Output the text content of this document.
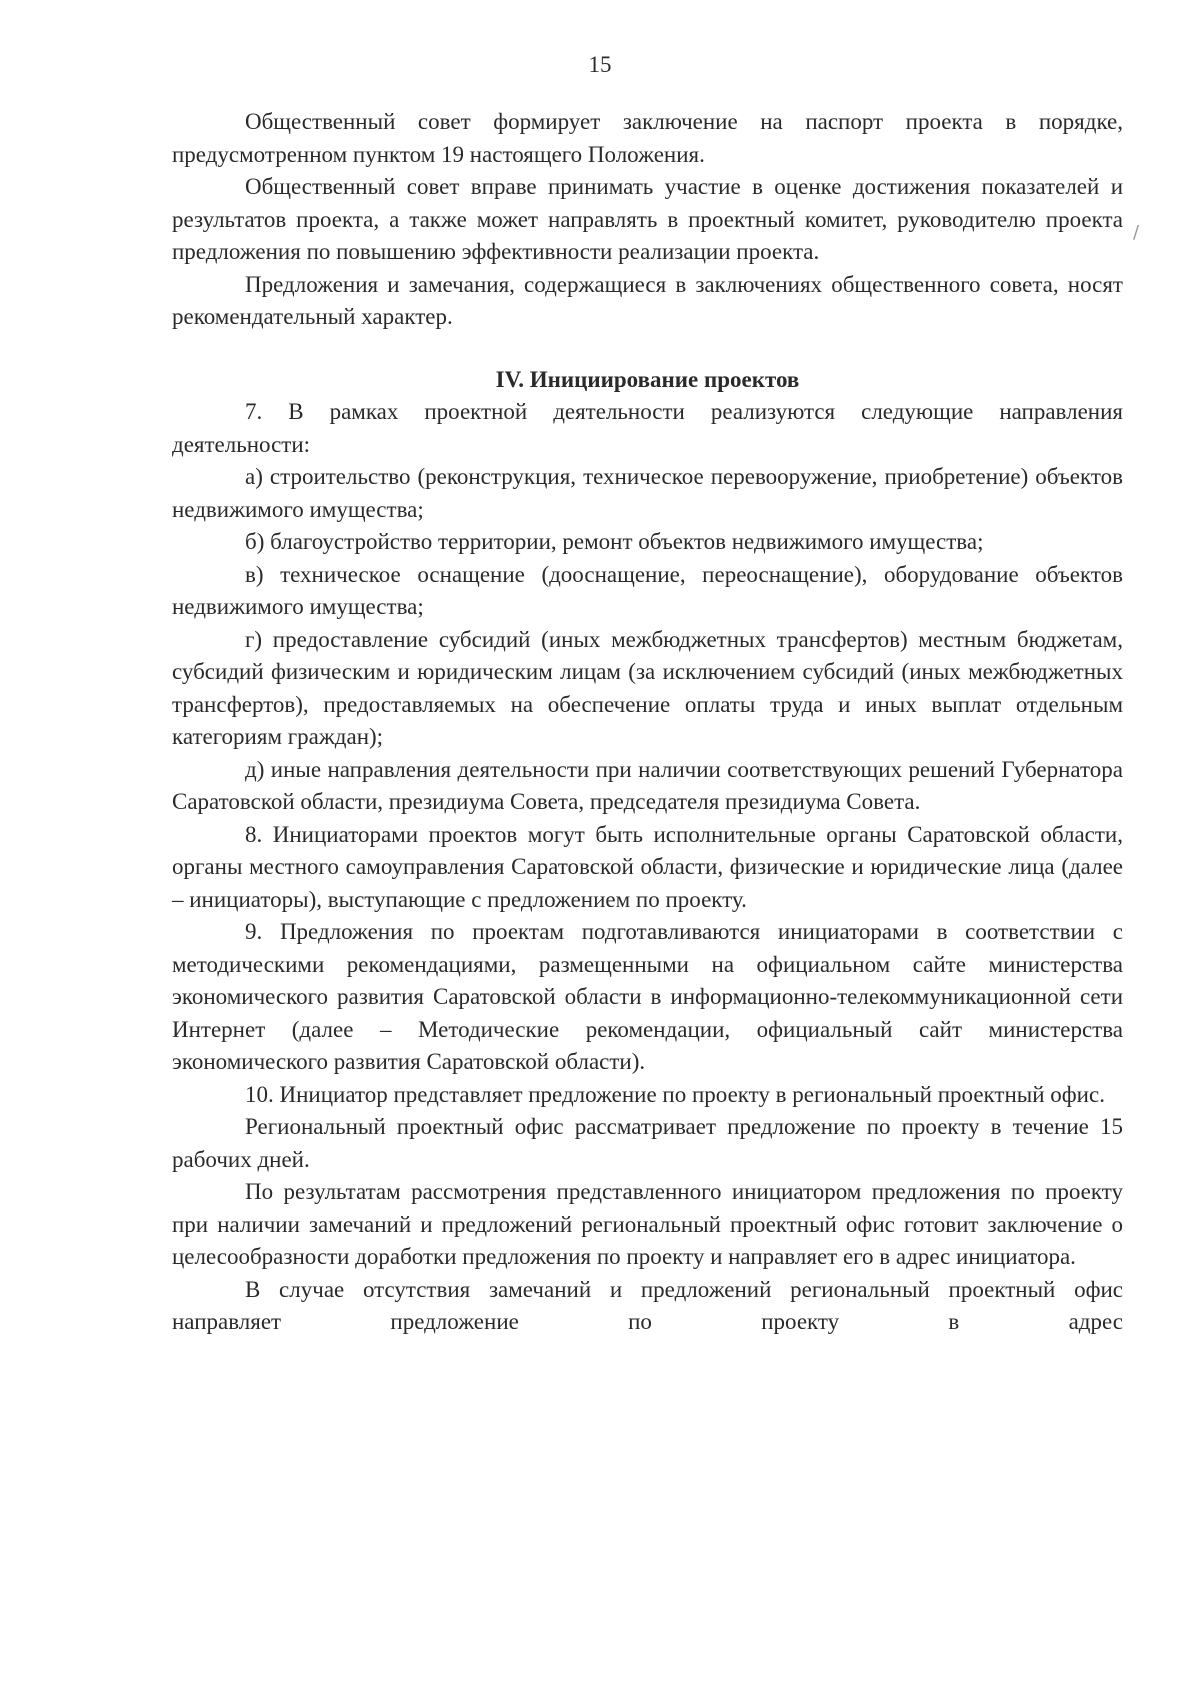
15
/

Общественный совет формирует заключение на паспорт проекта в порядке, предусмотренном пунктом 19 настоящего Положения.

Общественный совет вправе принимать участие в оценке достижения показателей и результатов проекта, а также может направлять в проектный комитет, руководителю проекта предложения по повышению эффективности реализации проекта.

Предложения и замечания, содержащиеся в заключениях общественного совета, носят рекомендательный характер.

IV. Инициирование проектов

7. В рамках проектной деятельности реализуются следующие направления деятельности:

а) строительство (реконструкция, техническое перевооружение, приобретение) объектов недвижимого имущества;

б) благоустройство территории, ремонт объектов недвижимого имущества;

в) техническое оснащение (дооснащение, переоснащение), оборудование объектов недвижимого имущества;

г) предоставление субсидий (иных межбюджетных трансфертов) местным бюджетам, субсидий физическим и юридическим лицам (за исключением субсидий (иных межбюджетных трансфертов), предоставляемых на обеспечение оплаты труда и иных выплат отдельным категориям граждан);

д) иные направления деятельности при наличии соответствующих решений Губернатора Саратовской области, президиума Совета, председателя президиума Совета.

8. Инициаторами проектов могут быть исполнительные органы Саратовской области, органы местного самоуправления Саратовской области, физические и юридические лица (далее – инициаторы), выступающие с предложением по проекту.

9. Предложения по проектам подготавливаются инициаторами в соответствии с методическими рекомендациями, размещенными на официальном сайте министерства экономического развития Саратовской области в информационно-телекоммуникационной сети Интернет (далее – Методические рекомендации, официальный сайт министерства экономического развития Саратовской области).

10. Инициатор представляет предложение по проекту в региональный проектный офис.

Региональный проектный офис рассматривает предложение по проекту в течение 15 рабочих дней.

По результатам рассмотрения представленного инициатором предложения по проекту при наличии замечаний и предложений региональный проектный офис готовит заключение о целесообразности доработки предложения по проекту и направляет его в адрес инициатора.

В случае отсутствия замечаний и предложений региональный проектный офис направляет предложение по проекту в адрес
